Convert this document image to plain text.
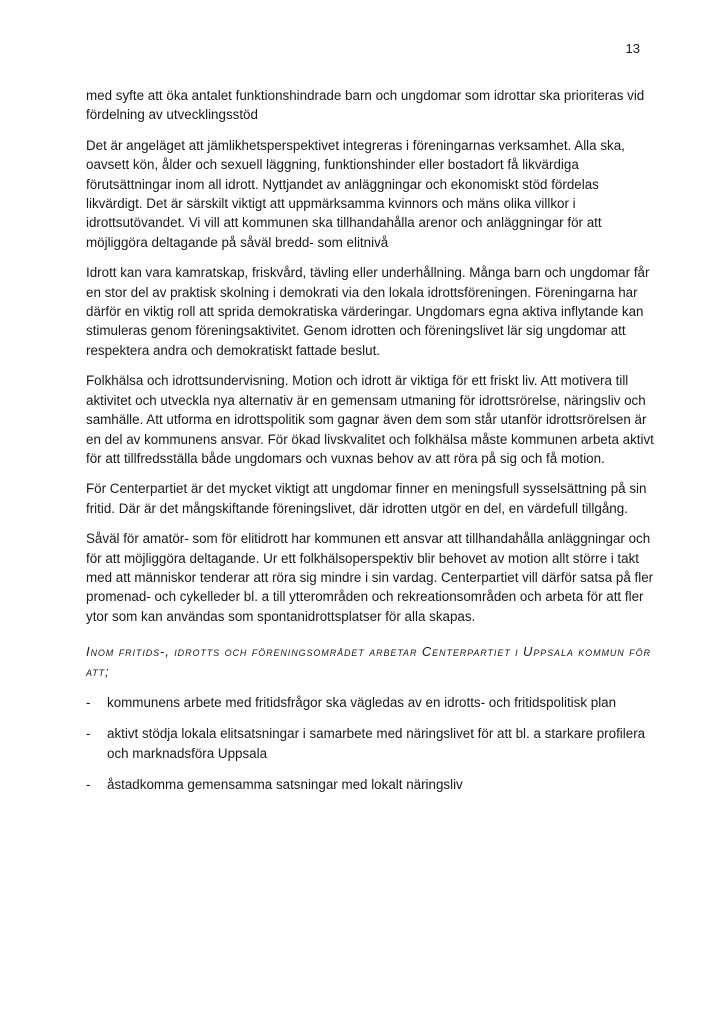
13

med syfte att öka antalet funktionshindrade barn och ungdomar som idrottar ska prioriteras vid fördelning av utvecklingsstöd

Det är angeläget att jämlikhetsperspektivet integreras i föreningarnas verksamhet. Alla ska, oavsett kön, ålder och sexuell läggning, funktionshinder eller bostadort få likvärdiga förutsättningar inom all idrott. Nyttjandet av anläggningar och ekonomiskt stöd fördelas likvärdigt. Det är särskilt viktigt att uppmärksamma kvinnors och mäns olika villkor i idrottsutövandet. Vi vill att kommunen ska tillhandahålla arenor och anläggningar för att möjliggöra deltagande på såväl bredd- som elitnivå

Idrott kan vara kamratskap, friskvård, tävling eller underhållning. Många barn och ungdomar får en stor del av praktisk skolning i demokrati via den lokala idrottsföreningen. Föreningarna har därför en viktig roll att sprida demokratiska värderingar. Ungdomars egna aktiva inflytande kan stimuleras genom föreningsaktivitet. Genom idrotten och föreningslivet lär sig ungdomar att respektera andra och demokratiskt fattade beslut.

Folkhälsa och idrottsundervisning. Motion och idrott är viktiga för ett friskt liv. Att motivera till aktivitet och utveckla nya alternativ är en gemensam utmaning för idrottsrörelse, näringsliv och samhälle. Att utforma en idrottspolitik som gagnar även dem som står utanför idrottsrörelsen är en del av kommunens ansvar. För ökad livskvalitet och folkhälsa måste kommunen arbeta aktivt för att tillfredsställa både ungdomars och vuxnas behov av att röra på sig och få motion.

För Centerpartiet är det mycket viktigt att ungdomar finner en meningsfull sysselsättning på sin fritid. Där är det mångskiftande föreningslivet, där idrotten utgör en del, en värdefull tillgång.

Såväl för amatör- som för elitidrott har kommunen ett ansvar att tillhandahålla anläggningar och för att möjliggöra deltagande. Ur ett folkhälsoperspektiv blir behovet av motion allt större i takt med att människor tenderar att röra sig mindre i sin vardag. Centerpartiet vill därför satsa på fler promenad- och cykelleder bl. a till ytterområden och rekreationsområden och arbeta för att fler ytor som kan användas som spontanidrottsplatser för alla skapas.

Inom fritids-, idrotts och föreningsområdet arbetar Centerpartiet i Uppsala kommun för att;
- kommunens arbete med fritidsfrågor ska vägledas av en idrotts- och fritidspolitisk plan
- aktivt stödja lokala elitsatsningar i samarbete med näringslivet för att bl. a starkare profilera och marknadsföra Uppsala
- åstadkomma gemensamma satsningar med lokalt näringsliv
